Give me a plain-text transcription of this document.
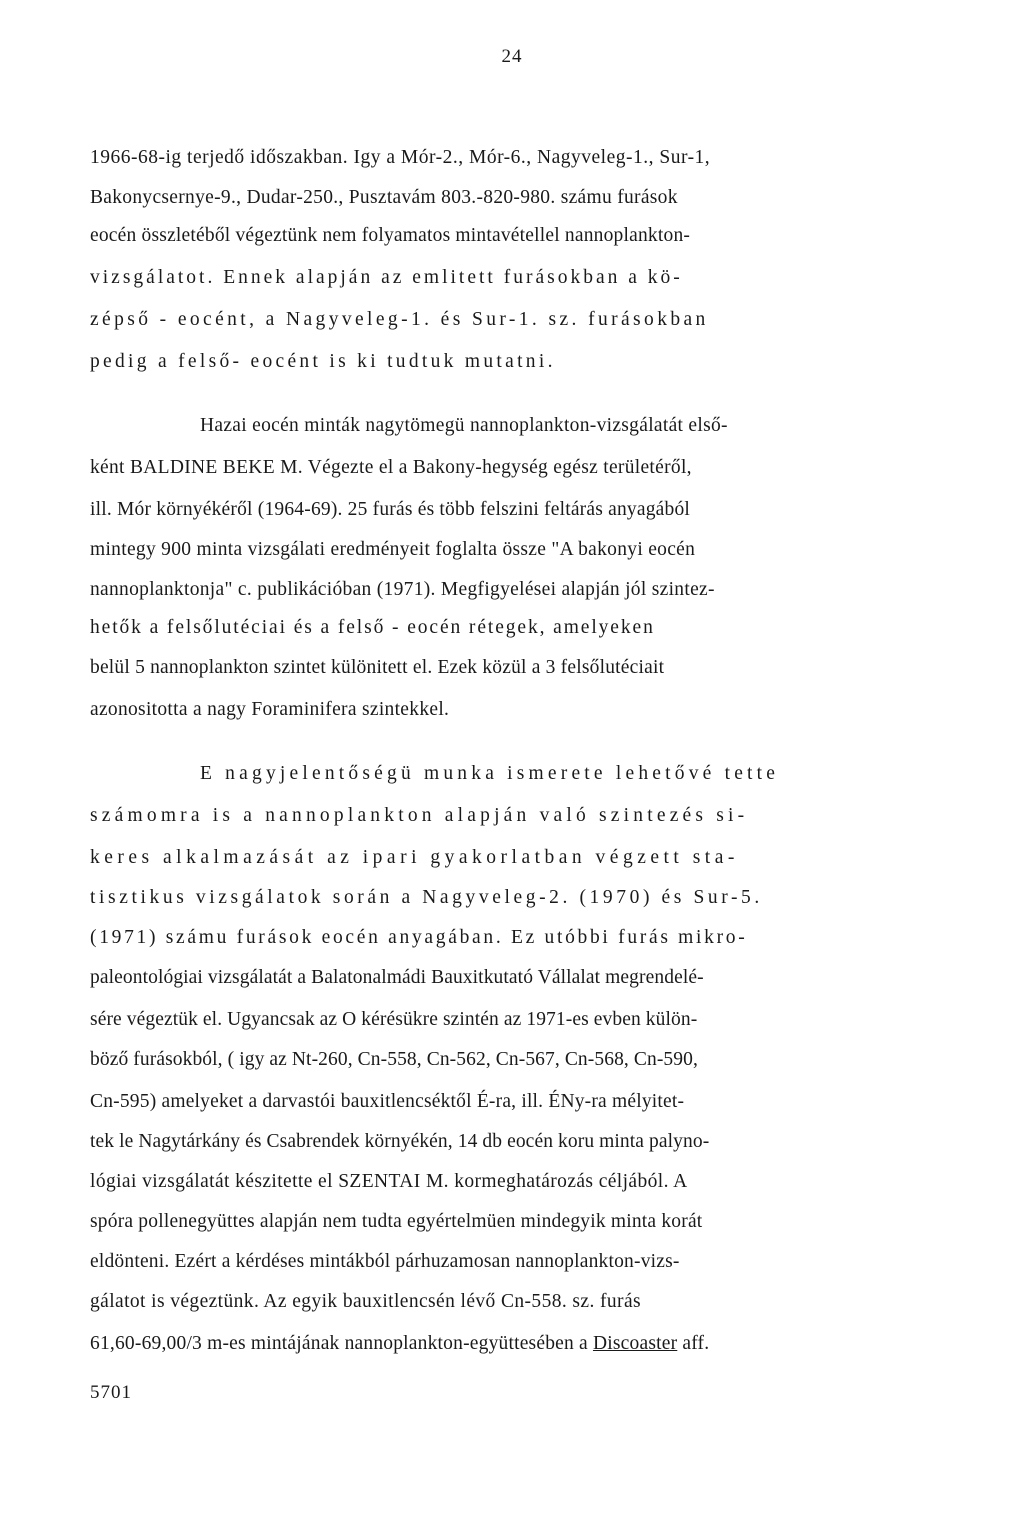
24
1966-68-ig terjedő időszakban. Igy a Mór-2., Mór-6., Nagyveleg-1., Sur-1,
Bakonycsernye-9., Dudar-250., Pusztavám 803.-820-980. számu furások
eocén összletéből végeztünk nem folyamatos mintavétellel nannoplankton-
vizsgálatot. Ennek alapján az emlitett furásokban a kö-
zépső - eocént, a Nagyveleg-1. és Sur-1. sz. furásokban
pedig a felső- eocént is ki tudtuk mutatni.
Hazai eocén minták nagytömegü nannoplankton-vizsgálatát első-
ként BALDINE BEKE M. Végezte el a Bakony-hegység egész területéről,
ill. Mór környékéről (1964-69). 25 furás és több felszini feltárás anyagából
mintegy 900 minta vizsgálati eredményeit foglalta össze "A bakonyi eocén
nannoplanktonja" c. publikációban (1971). Megfigyelései alapján jól szintez-
hetők a felsőlutéciai és a felső - eocén rétegek, amelyeken
belül 5 nannoplankton szintet különitett el. Ezek közül a 3 felsőlutéciait
azonositotta a nagy Foraminifera szintekkel.
E nagyjelentőségü munka ismerete lehetővé tette
számomra is a nannoplankton alapján való szintezés si-
keres alkalmazását az ipari gyakorlatban végzett sta-
tisztikus vizsgálatok során a Nagyveleg-2. (1970) és Sur-5.
(1971) számu furások eocén anyagában. Ez utóbbi furás mikro-
paleontológiai vizsgálatát a Balatonalmádi Bauxitkutató Vállalat megrendelé-
sére végeztük el. Ugyancsak az O kérésükre szintén az 1971-es evben külön-
böző furásokból, ( igy az Nt-260, Cn-558, Cn-562, Cn-567, Cn-568, Cn-590,
Cn-595) amelyeket a darvastói bauxitlencséktől É-ra, ill. ÉNy-ra mélyitet-
tek le Nagytárkány és Csabrendek környékén, 14 db eocén koru minta palyno-
lógiai vizsgálatát készitette el SZENTAI M. kormeghatározás céljából. A
spóra pollenegyüttes alapján nem tudta egyértelmüen mindegyik minta korát
eldönteni. Ezért a kérdéses mintákból párhuzamosan nannoplankton-vizs-
gálatot is végeztünk. Az egyik bauxitlencsén lévő Cn-558. sz. furás
61,60-69,00/3 m-es mintájának nannoplankton-együttesében a Discoaster aff.
5701
